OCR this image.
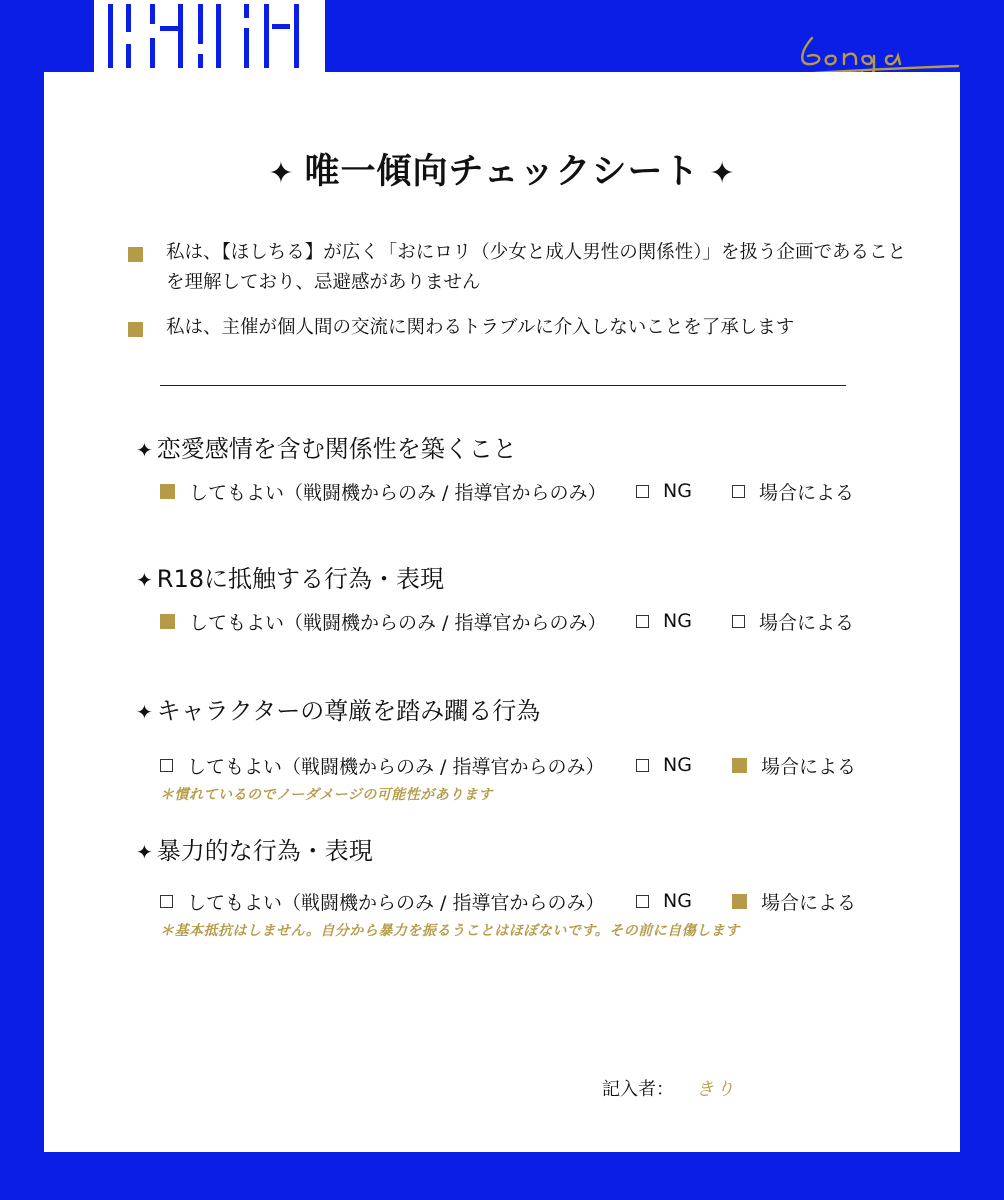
✦ 唯一傾向チェックシート ✦
私は、【ほしちる】が広く「おにロリ（少女と成人男性の関係性）」を扱う企画であることを理解しており、忌避感がありません
私は、主催が個人間の交流に関わるトラブルに介入しないことを了承します
✦ 恋愛感情を含む関係性を築くこと
してもよい（戦闘機からのみ / 指導官からのみ）	NG	場合による
✦ R18に抵触する行為・表現
してもよい（戦闘機からのみ / 指導官からのみ）	NG	場合による
✦ キャラクターの尊厳を踏み躙る行為
してもよい（戦闘機からのみ / 指導官からのみ）	NG	場合による
＊慣れているのでノーダメージの可能性があります
✦ 暴力的な行為・表現
してもよい（戦闘機からのみ / 指導官からのみ）	NG	場合による
＊基本抵抗はしません。自分から暴力を振るうことはほぼないです。その前に自傷します
記入者： きり
